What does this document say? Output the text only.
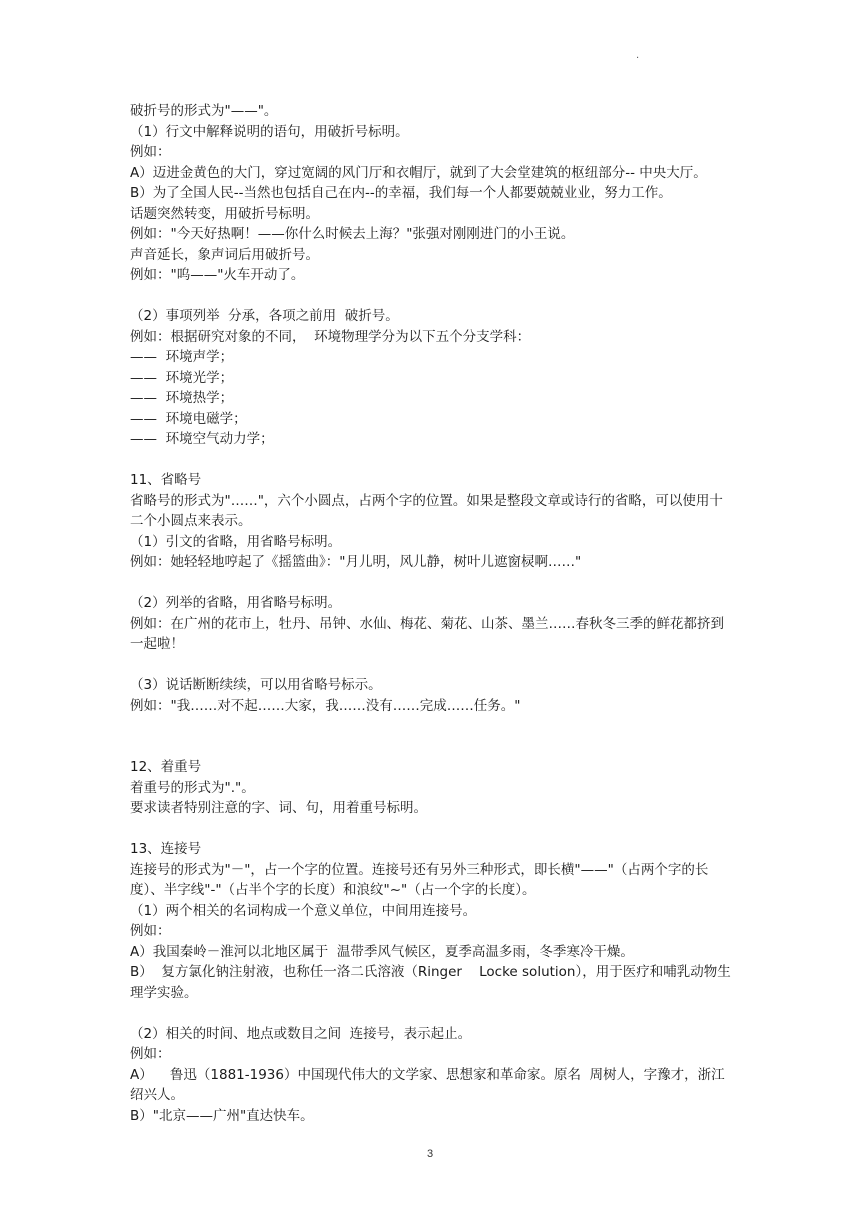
.
破折号的形式为"——"。
（1）行文中解释说明的语句，用破折号标明。
例如：
A）迈进金黄色的大门，穿过宽阔的风门厅和衣帽厅，就到了大会堂建筑的枢纽部分-- 中央大厅。
B）为了全国人民--当然也包括自己在内--的幸福，我们每一个人都要兢兢业业，努力工作。
话题突然转变，用破折号标明。
例如："今天好热啊！——你什么时候去上海？"张强对刚刚进门的小王说。
声音延长，象声词后用破折号。
例如："呜——"火车开动了。
（2）事项列举  分承，各项之前用  破折号。
例如：根据研究对象的不同，  环境物理学分为以下五个分支学科：
——  环境声学；
——  环境光学；
——  环境热学；
——  环境电磁学；
——  环境空气动力学；
11、省略号
省略号的形式为"……"，六个小圆点，占两个字的位置。如果是整段文章或诗行的省略，可以使用十二个小圆点来表示。
（1）引文的省略，用省略号标明。
例如：她轻轻地哼起了《摇篮曲》："月儿明，风儿静，树叶儿遮窗棂啊……"
（2）列举的省略，用省略号标明。
例如：在广州的花市上，牡丹、吊钟、水仙、梅花、菊花、山茶、墨兰……春秋冬三季的鲜花都挤到一起啦！
（3）说话断断续续，可以用省略号标示。
例如："我……对不起……大家，我……没有……完成……任务。"
12、着重号
着重号的形式为"."。
要求读者特别注意的字、词、句，用着重号标明。
13、连接号
连接号的形式为"－"，占一个字的位置。连接号还有另外三种形式，即长横"——"（占两个字的长度）、半字线"-"（占半个字的长度）和浪纹"~"（占一个字的长度）。
（1）两个相关的名词构成一个意义单位，中间用连接号。
例如：
A）我国秦岭－淮河以北地区属于  温带季风气候区，夏季高温多雨，冬季寒冷干燥。
B）  复方氯化钠注射液，也称任一洛二氏溶液（Ringer    Locke solution），用于医疗和哺乳动物生理学实验。
（2）相关的时间、地点或数目之间  连接号，表示起止。
例如：
A）    鲁迅（1881-1936）中国现代伟大的文学家、思想家和革命家。原名  周树人，字豫才，浙江绍兴人。
B）"北京——广州"直达快车。
3
